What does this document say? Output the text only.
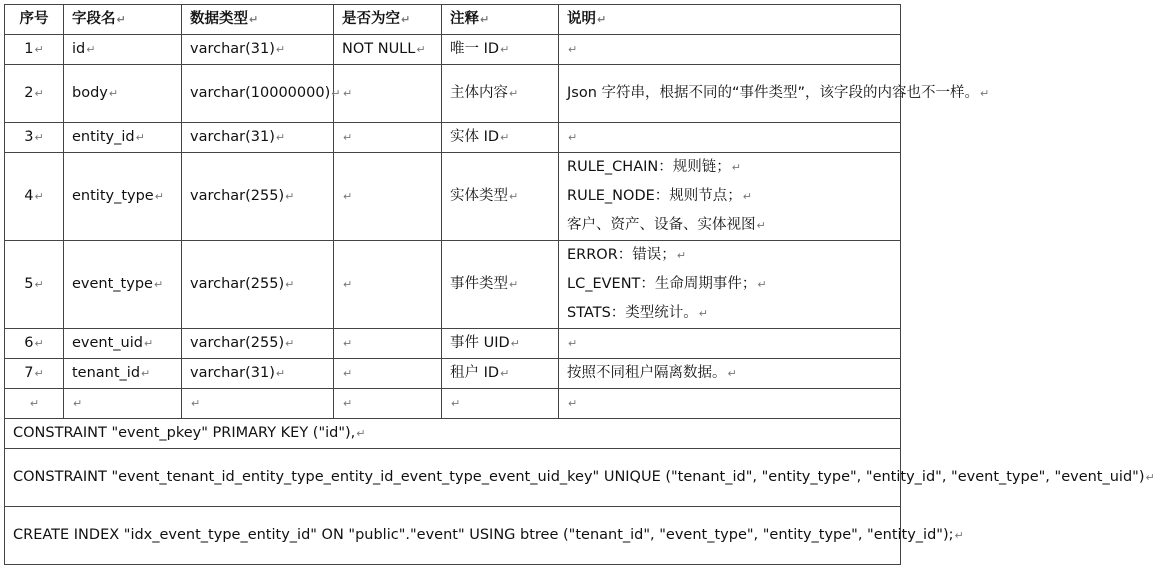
序号	字段名↵	数据类型↵	是否为空↵	注释↵	说明↵
1↵	id↵	varchar(31)↵	NOT NULL↵	唯一 ID↵	↵

2↵	body↵	varchar(10000000)↵	↵	主体内容↵	Json 字符串，根据不同的“事件类型”，该字段的内容也不一样。↵

3↵	entity_id↵	varchar(31)↵	↵	实体 ID↵	↵

4↵	entity_type↵	varchar(255)↵	↵	实体类型↵	RULE_CHAIN：规则链；↵
RULE_NODE：规则节点；↵
客户、资产、设备、实体视图↵

5↵	event_type↵	varchar(255)↵	↵	事件类型↵	ERROR：错误；↵
LC_EVENT：生命周期事件；↵
STATS：类型统计。↵

6↵	event_uid↵	varchar(255)↵	↵	事件 UID↵	↵

7↵	tenant_id↵	varchar(31)↵	↵	租户 ID↵	按照不同租户隔离数据。↵

↵	↵	↵	↵	↵	↵

CONSTRAINT "event_pkey" PRIMARY KEY ("id"),↵					
CONSTRAINT "event_tenant_id_entity_type_entity_id_event_type_event_uid_key" UNIQUE ("tenant_id", "entity_type", "entity_id", "event_type", "event_uid")↵					
CREATE INDEX "idx_event_type_entity_id" ON "public"."event" USING btree ("tenant_id", "event_type", "entity_type", "entity_id");↵					
